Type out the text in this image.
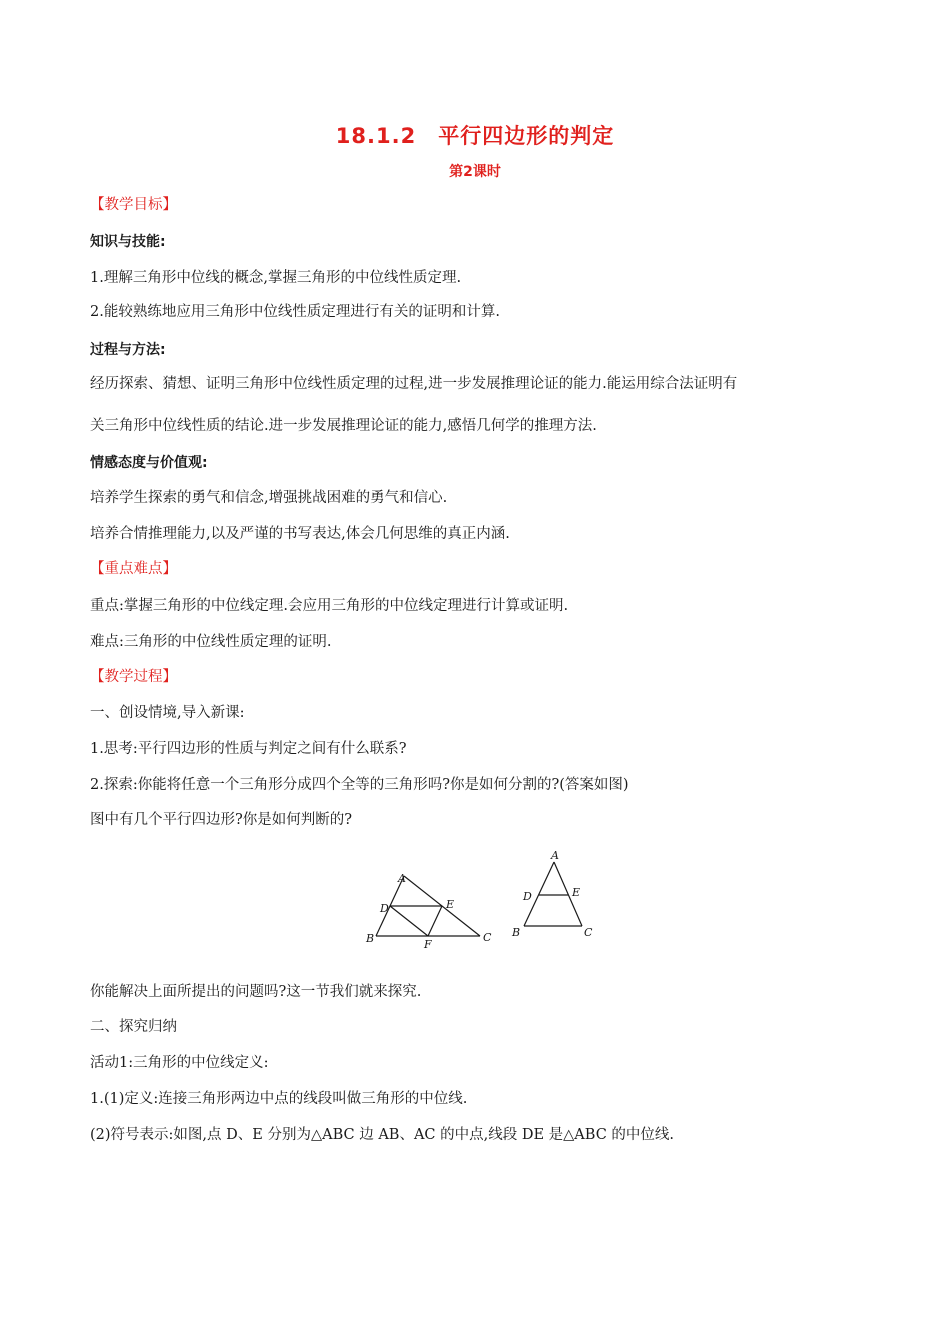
18.1.2　平行四边形的判定
第2课时
【教学目标】
知识与技能:
1.理解三角形中位线的概念,掌握三角形的中位线性质定理.
2.能较熟练地应用三角形中位线性质定理进行有关的证明和计算.
过程与方法:
经历探索、猜想、证明三角形中位线性质定理的过程,进一步发展推理论证的能力.能运用综合法证明有
关三角形中位线性质的结论.进一步发展推理论证的能力,感悟几何学的推理方法.
情感态度与价值观:
培养学生探索的勇气和信念,增强挑战困难的勇气和信心.
培养合情推理能力,以及严谨的书写表达,体会几何思维的真正内涵.
【重点难点】
重点:掌握三角形的中位线定理.会应用三角形的中位线定理进行计算或证明.
难点:三角形的中位线性质定理的证明.
【教学过程】
一、创设情境,导入新课:
1.思考:平行四边形的性质与判定之间有什么联系?
2.探索:你能将任意一个三角形分成四个全等的三角形吗?你是如何分割的?(答案如图)
图中有几个平行四边形?你是如何判断的?
A
D	E
B	F
C
A
D	E
B	C
你能解决上面所提出的问题吗?这一节我们就来探究.
二、探究归纳
活动1:三角形的中位线定义:
1.(1)定义:连接三角形两边中点的线段叫做三角形的中位线.
(2)符号表示:如图,点 D、E 分别为△ABC 边 AB、AC 的中点,线段 DE 是△ABC 的中位线.
